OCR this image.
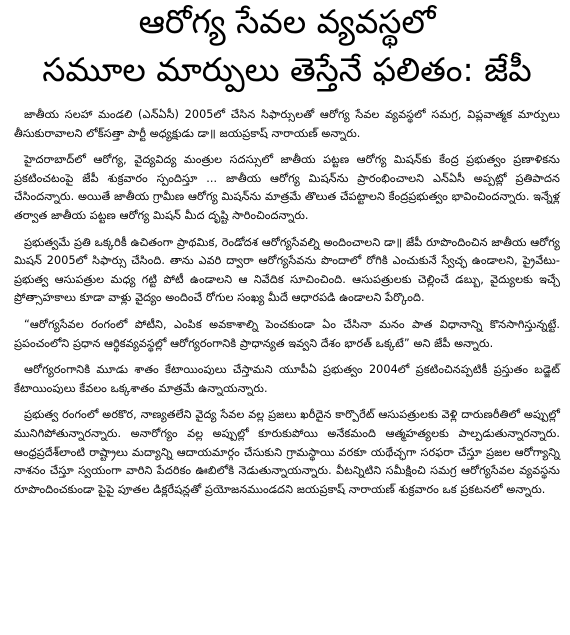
ఆరోగ్య సేవల వ్యవస్థలో
సమూల మార్పులు తెస్తేనే ఫలితం: జేపీ

జాతీయ సలహా మండలి (ఎన్ఏసీ) 2005లో చేసిన సిఫార్సులతో ఆరోగ్య సేవల వ్యవస్థలో సమగ్ర, విప్లవాత్మక మార్పులు తీసుకురావాలని లోక్‌సత్తా పార్టీ అధ్యక్షుడు డా॥ జయప్రకాష్ నారాయణ్ అన్నారు.

హైదరాబాద్‌లో ఆరోగ్య, వైద్యవిద్య మంత్రుల సదస్సులో జాతీయ పట్టణ ఆరోగ్య మిషన్‌కు కేంద్ర ప్రభుత్వం ప్రణాళికను ప్రకటించటంపై జేపీ శుక్రవారం స్పందిస్తూ ... జాతీయ ఆరోగ్య మిషన్‌ను ప్రారంభించాలని ఎన్ఏసీ అప్పట్లో ప్రతిపాదన చేసిందన్నారు. అయితే జాతీయ గ్రామీణ ఆరోగ్య మిషన్‌ను మాత్రమే తొలుత చేపట్టాలని కేంద్రప్రభుత్వం భావించిందన్నారు. ఇన్నేళ్ల తర్వాత జాతీయ పట్టణ ఆరోగ్య మిషన్ మీద దృష్టి సారించిందన్నారు.

ప్రభుత్వమే ప్రతి ఒక్కరికీ ఉచితంగా ప్రాథమిక, రెండోదశ ఆరోగ్యసేవల్ని అందించాలని డా॥ జేపీ రూపొందించిన జాతీయ ఆరోగ్య మిషన్ 2005లో సిఫార్సు చేసింది. తాను ఎవరి ద్వారా ఆరోగ్యసేవను పొందాలో రోగికి ఎంచుకునే స్వేచ్ఛ ఉండాలని, ప్రైవేటు-ప్రభుత్వ ఆసుపత్రుల మధ్య గట్టి పోటీ ఉండాలని ఆ నివేదిక సూచించింది. ఆసుపత్రులకు చెల్లించే డబ్బు, వైద్యులకు ఇచ్చే ప్రోత్సాహకాలు కూడా వాళ్లు వైద్యం అందించే రోగుల సంఖ్య మీదే ఆధారపడి ఉండాలని పేర్కొంది.

“ఆరోగ్యసేవల రంగంలో పోటీని, ఎంపిక అవకాశాల్ని పెంచకుండా ఏం చేసినా మనం పాత విధానాన్ని కొనసాగిస్తున్నట్టే. ప్రపంచంలోని ప్రధాన ఆర్థికవ్యవస్థల్లో ఆరోగ్యరంగానికి ప్రాధాన్యత ఇవ్వని దేశం భారత్ ఒక్కటే” అని జేపీ అన్నారు.

ఆరోగ్యరంగానికి మూడు శాతం కేటాయింపులు చేస్తామని యూపీఏ ప్రభుత్వం 2004లో ప్రకటించినప్పటికీ ప్రస్తుతం బడ్జెట్ కేటాయింపులు కేవలం ఒక్కశాతం మాత్రమే ఉన్నాయన్నారు.

ప్రభుత్వ రంగంలో అరకొర, నాణ్యతలేని వైద్య సేవల వల్ల ప్రజలు ఖరీదైన కార్పొరేట్ ఆసుపత్రులకు వెళ్లి దారుణరీతిలో అప్పుల్లో మునిగిపోతున్నారన్నారు. అనారోగ్యం వల్ల అప్పుల్లో కూరుకుపోయి అనేకమంది ఆత్మహత్యలకు పాల్పడుతున్నారన్నారు. ఆంధ్రప్రదేశ్‌లాంటి రాష్ట్రాలు మద్యాన్ని ఆదాయమార్గం చేసుకుని గ్రామస్థాయి వరకూ యథేచ్ఛగా సరఫరా చేస్తూ ప్రజల ఆరోగ్యాన్ని నాశనం చేస్తూ స్వయంగా వారిని పేదరికం ఊబిలోకి నెడుతున్నాయన్నారు. వీటన్నిటిని సమీక్షించి సమగ్ర ఆరోగ్యసేవల వ్యవస్థను రూపొందించకుండా పైపై పూతల డిక్లరేషన్లతో ప్రయోజనముండదని జయప్రకాష్ నారాయణ్ శుక్రవారం ఒక ప్రకటనలో అన్నారు.
